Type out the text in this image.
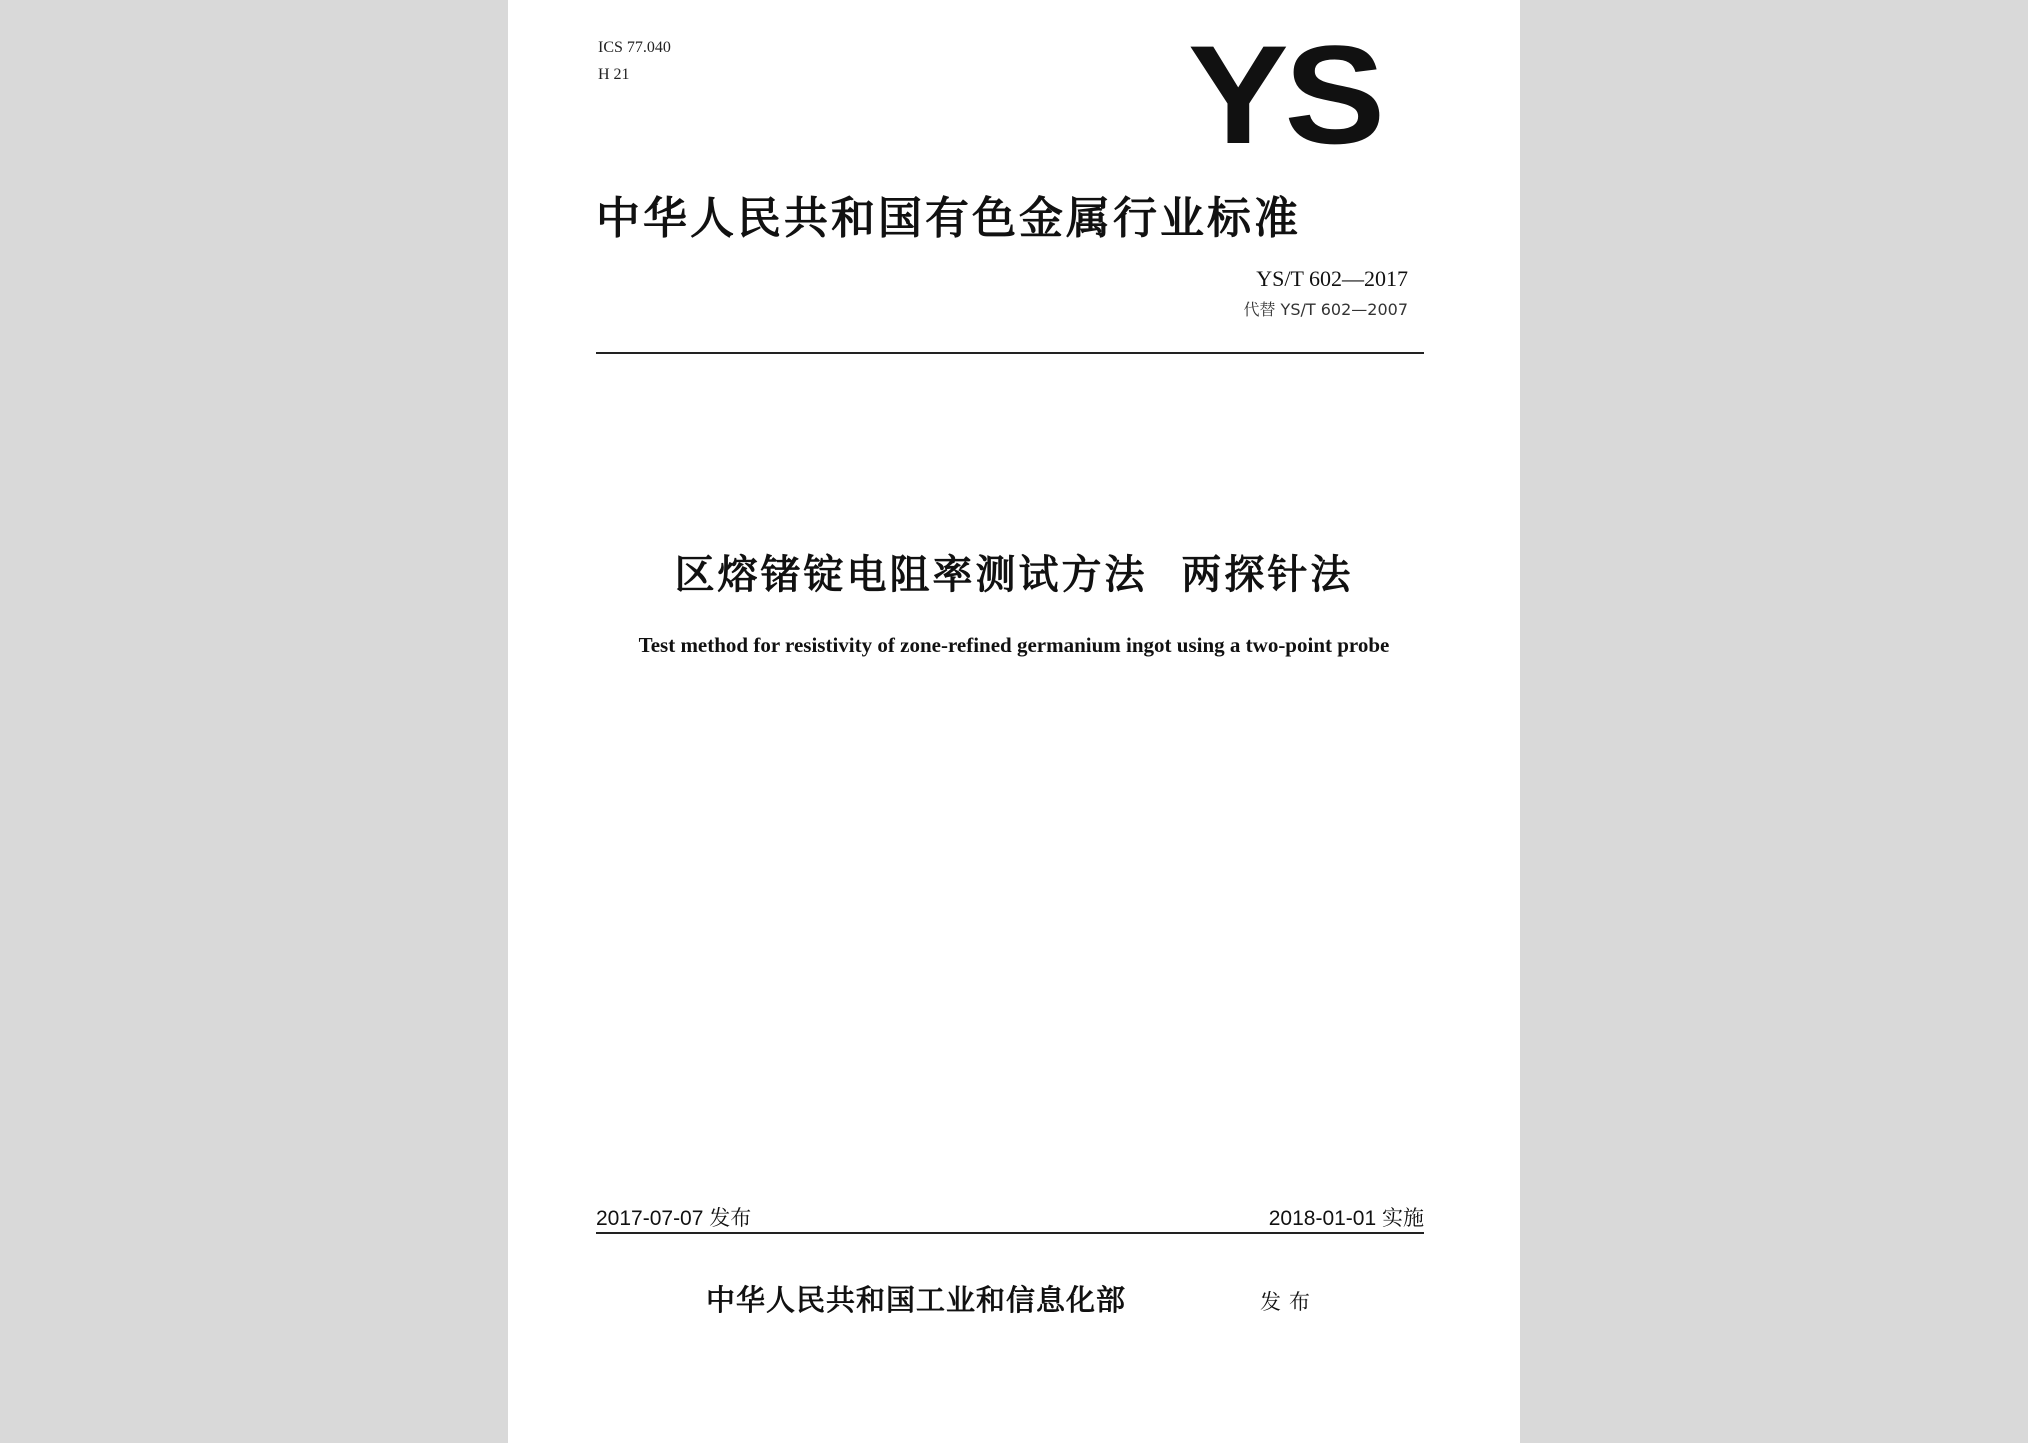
ICS 77.040
H 21	YS
中华人民共和国有色金属行业标准
YS/T 602—2017
代替 YS/T 602—2007
区熔锗锭电阻率测试方法  两探针法
Test method for resistivity of zone-refined germanium ingot using a two-point probe
2017-07-07 发布	2018-01-01 实施
中华人民共和国工业和信息化部	发布
